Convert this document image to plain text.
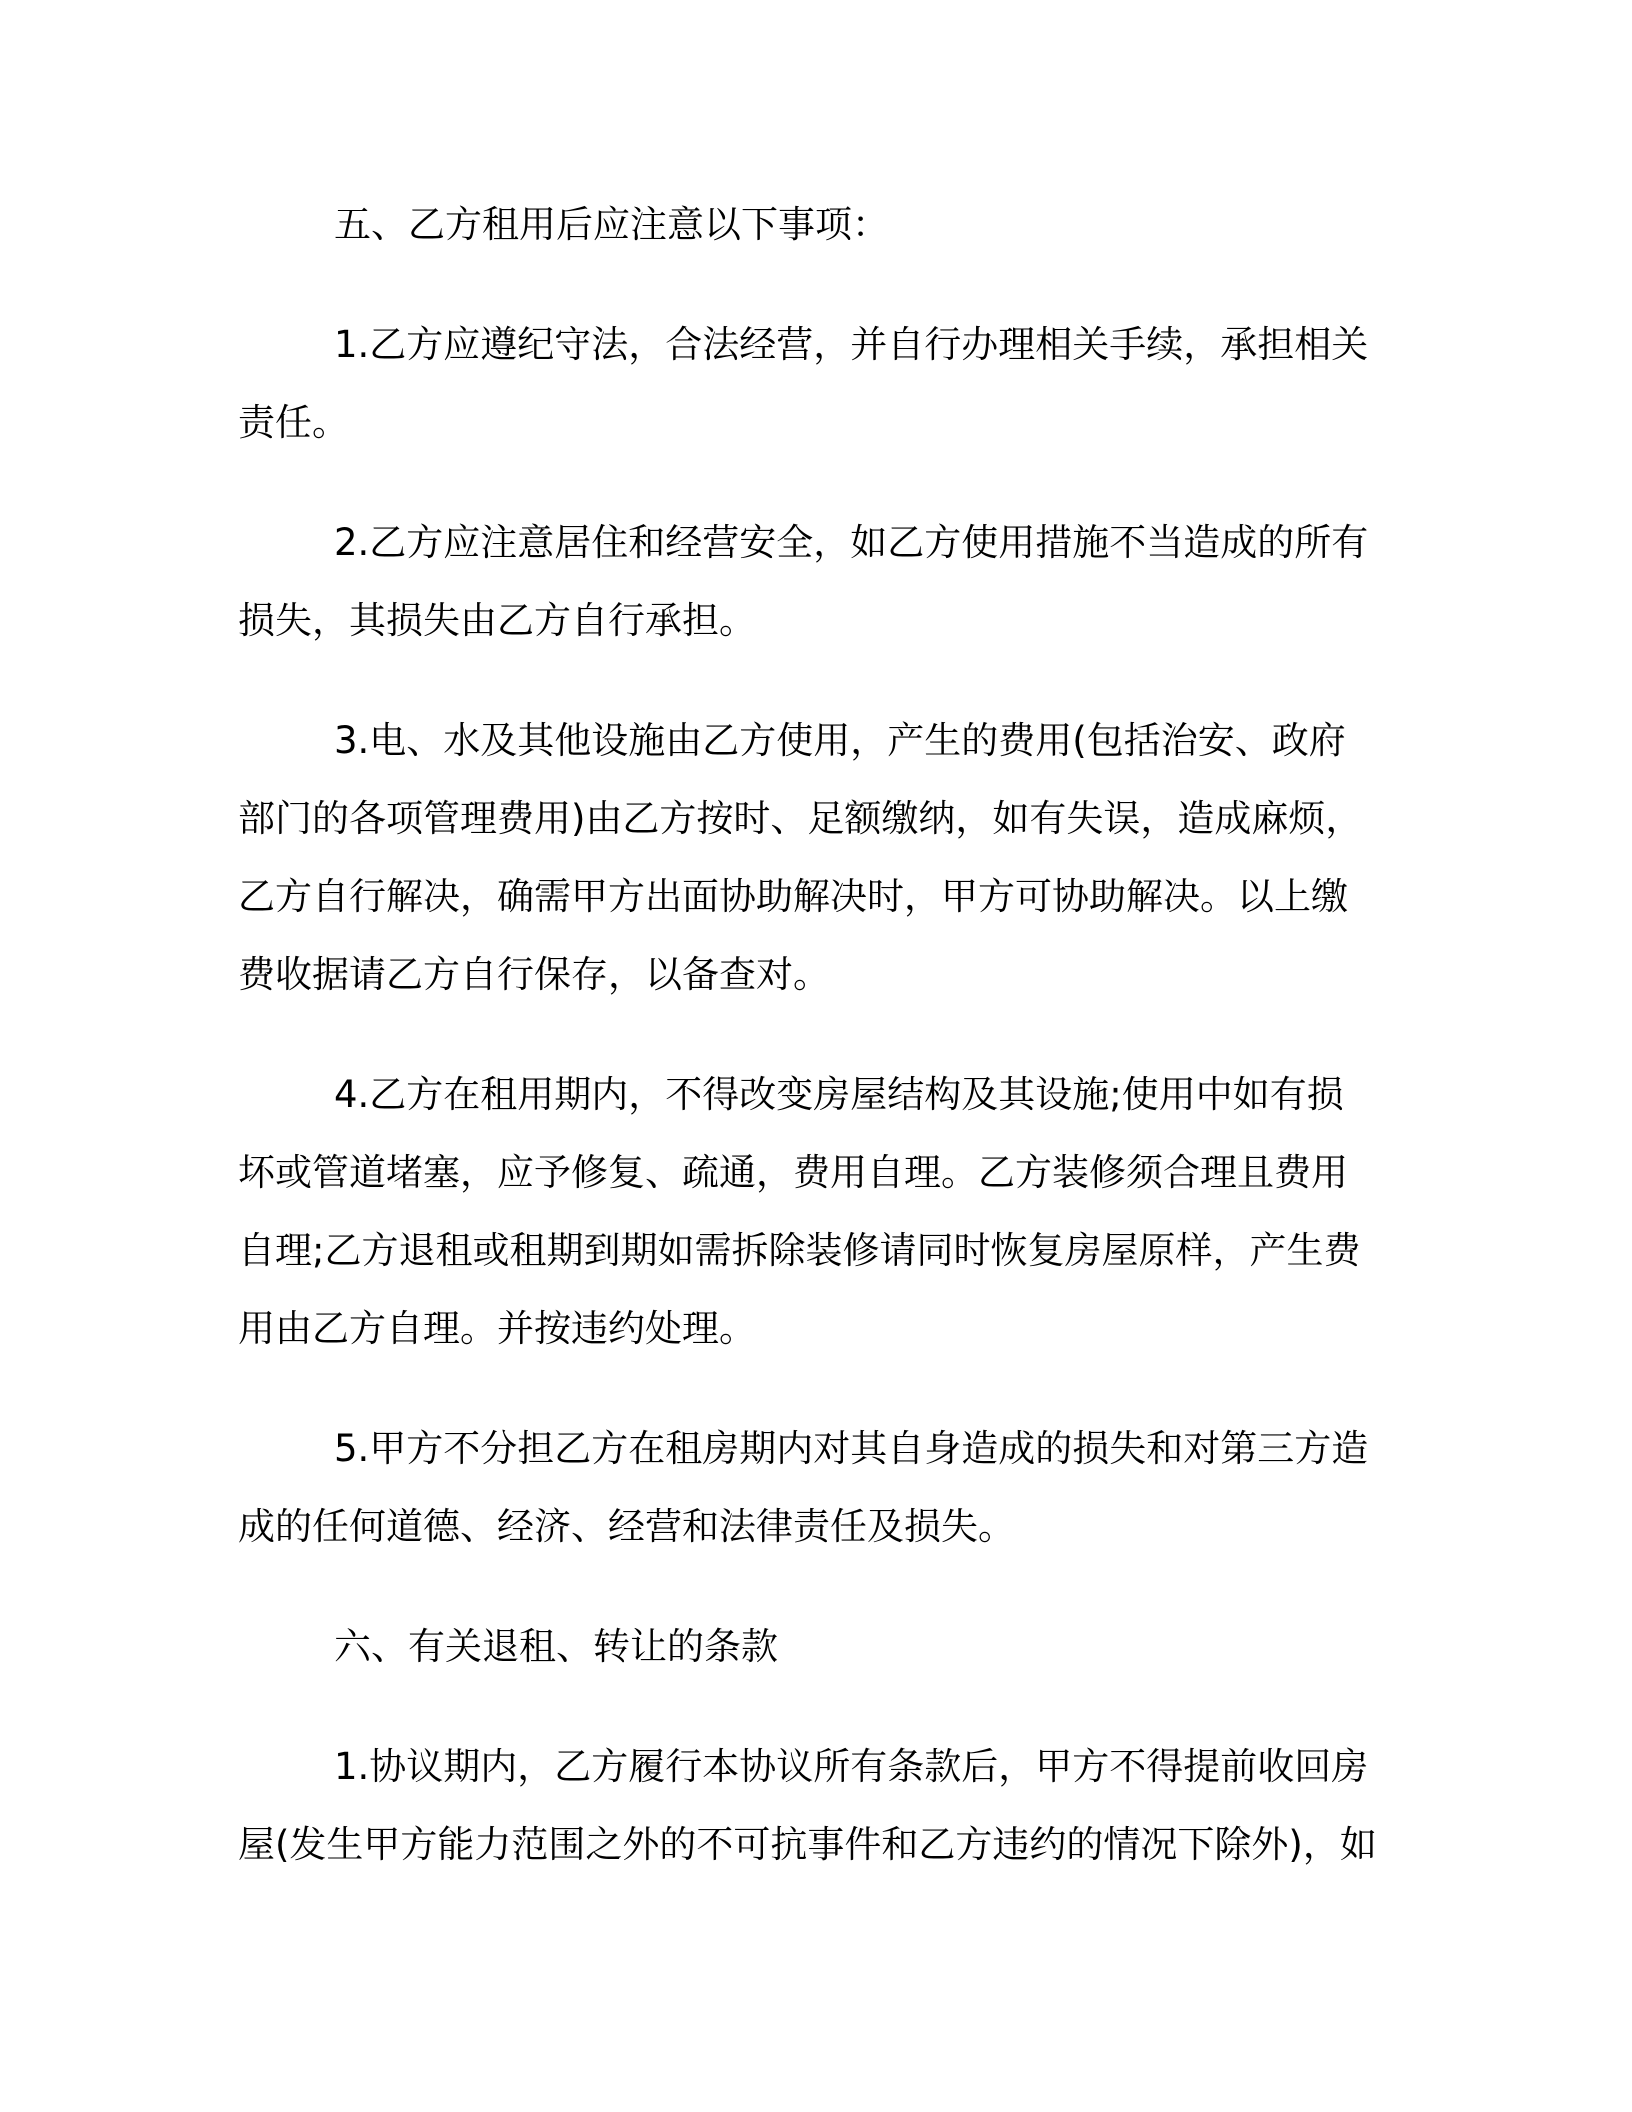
五、乙方租用后应注意以下事项：

1.乙方应遵纪守法，合法经营，并自行办理相关手续，承担相关责任。

2.乙方应注意居住和经营安全，如乙方使用措施不当造成的所有损失，其损失由乙方自行承担。

3.电、水及其他设施由乙方使用，产生的费用(包括治安、政府部门的各项管理费用)由乙方按时、足额缴纳，如有失误，造成麻烦，乙方自行解决，确需甲方出面协助解决时，甲方可协助解决。以上缴费收据请乙方自行保存，以备查对。

4.乙方在租用期内，不得改变房屋结构及其设施;使用中如有损坏或管道堵塞，应予修复、疏通，费用自理。乙方装修须合理且费用自理;乙方退租或租期到期如需拆除装修请同时恢复房屋原样，产生费用由乙方自理。并按违约处理。

5.甲方不分担乙方在租房期内对其自身造成的损失和对第三方造成的任何道德、经济、经营和法律责任及损失。

六、有关退租、转让的条款

1.协议期内，乙方履行本协议所有条款后，甲方不得提前收回房屋(发生甲方能力范围之外的不可抗事件和乙方违约的情况下除外)，如
